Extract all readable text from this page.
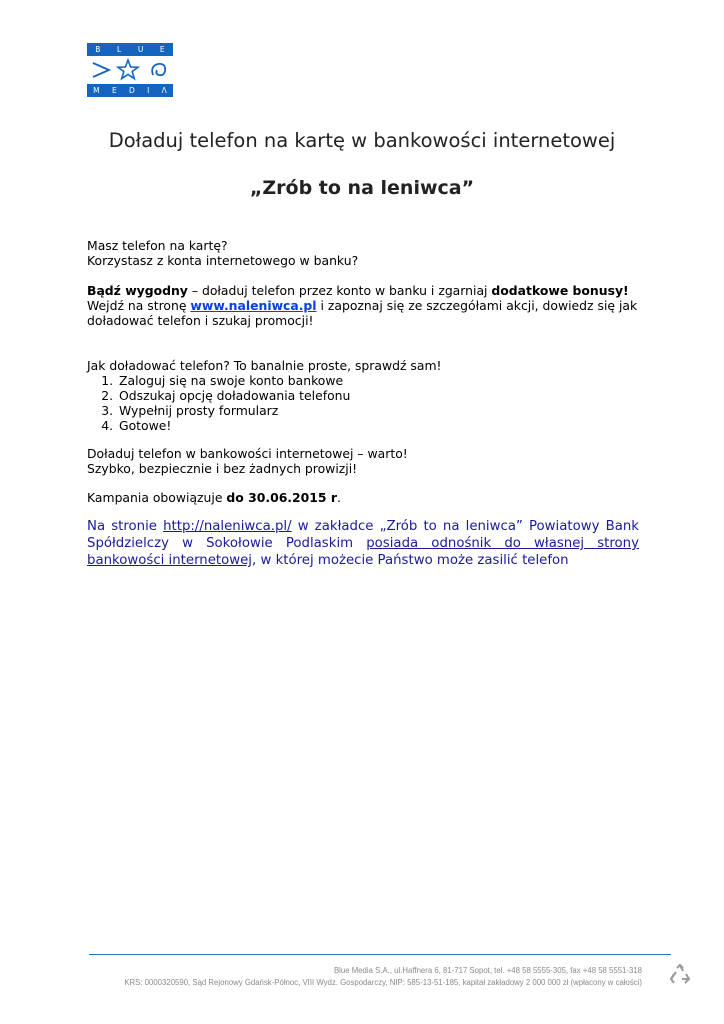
B L U E
M E D I Λ
Doładuj telefon na kartę w bankowości internetowej
„Zrób to na leniwca”

Masz telefon na kartę?

Korzystasz z konta internetowego w banku?

Bądź wygodny – doładuj telefon przez konto w banku i zgarniaj dodatkowe bonusy!

Wejdź na stronę www.naleniwca.pl i zapoznaj się ze szczegółami akcji, dowiedz się jak doładować telefon i szukaj promocji!

Jak doładować telefon? To banalnie proste, sprawdź sam!

1. Zaloguj się na swoje konto bankowe
2. Odszukaj opcję doładowania telefonu
3. Wypełnij prosty formularz
4. Gotowe!

Doładuj telefon w bankowości internetowej – warto!

Szybko, bezpiecznie i bez żadnych prowizji!

Kampania obowiązuje do 30.06.2015 r.

Na stronie http://naleniwca.pl/ w zakładce „Zrób to na leniwca” Powiatowy Bank Spółdzielczy w Sokołowie Podlaskim posiada odnośnik do własnej strony bankowości internetowej, w której możecie Państwo może zasilić telefon
Blue Media S.A., ul.Haffnera 6, 81-717 Sopot, tel. +48 58 5555-305, fax +48 58 5551-318
KRS: 0000320590, Sąd Rejonowy Gdańsk-Północ, VIII Wydz. Gospodarczy, NIP: 585-13-51-185, kapitał zakładowy 2 000 000 zł (wpłacony w całości)
